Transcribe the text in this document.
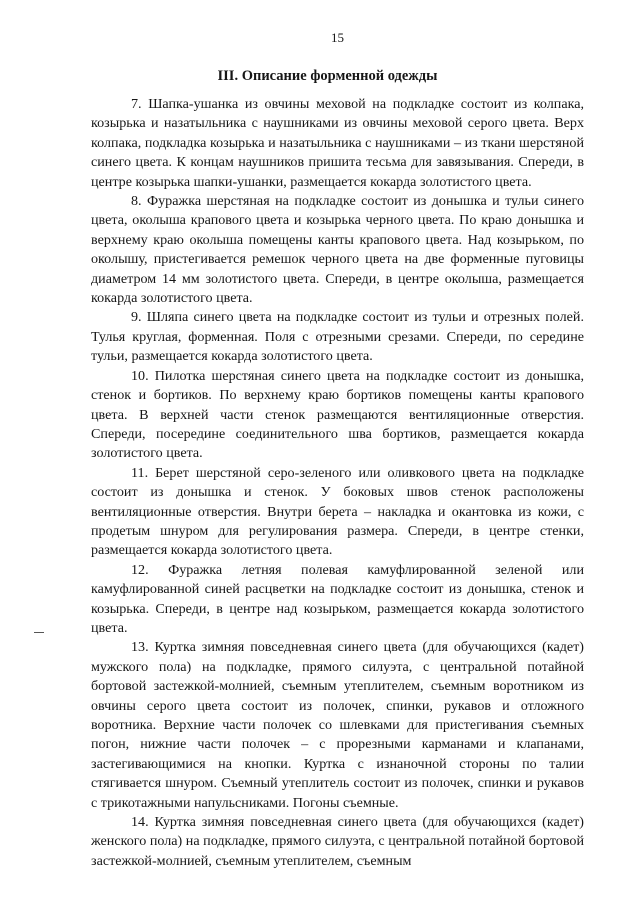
15
III. Описание форменной одежды

7. Шапка-ушанка из овчины меховой на подкладке состоит из колпака, козырька и назатыльника с наушниками из овчины меховой серого цвета. Верх колпака, подкладка козырька и назатыльника с наушниками – из ткани шерстяной синего цвета. К концам наушников пришита тесьма для завязывания. Спереди, в центре козырька шапки-ушанки, размещается кокарда золотистого цвета.

8. Фуражка шерстяная на подкладке состоит из донышка и тульи синего цвета, околыша крапового цвета и козырька черного цвета. По краю донышка и верхнему краю околыша помещены канты крапового цвета. Над козырьком, по околышу, пристегивается ремешок черного цвета на две форменные пуговицы диаметром 14 мм золотистого цвета. Спереди, в центре околыша, размещается кокарда золотистого цвета.

9. Шляпа синего цвета на подкладке состоит из тульи и отрезных полей. Тулья круглая, форменная. Поля с отрезными срезами. Спереди, по середине тульи, размещается кокарда золотистого цвета.

10. Пилотка шерстяная синего цвета на подкладке состоит из донышка, стенок и бортиков. По верхнему краю бортиков помещены канты крапового цвета. В верхней части стенок размещаются вентиляционные отверстия. Спереди, посередине соединительного шва бортиков, размещается кокарда золотистого цвета.

11. Берет шерстяной серо-зеленого или оливкового цвета на подкладке состоит из донышка и стенок. У боковых швов стенок расположены вентиляционные отверстия. Внутри берета – накладка и окантовка из кожи, с продетым шнуром для регулирования размера. Спереди, в центре стенки, размещается кокарда золотистого цвета.

12. Фуражка летняя полевая камуфлированной зеленой или камуфлированной синей расцветки на подкладке состоит из донышка, стенок и козырька. Спереди, в центре над козырьком, размещается кокарда золотистого цвета.

13. Куртка зимняя повседневная синего цвета (для обучающихся (кадет) мужского пола) на подкладке, прямого силуэта, с центральной потайной бортовой застежкой-молнией, съемным утеплителем, съемным воротником из овчины серого цвета состоит из полочек, спинки, рукавов и отложного воротника. Верхние части полочек со шлевками для пристегивания съемных погон, нижние части полочек – с прорезными карманами и клапанами, застегивающимися на кнопки. Куртка с изнаночной стороны по талии стягивается шнуром. Съемный утеплитель состоит из полочек, спинки и рукавов с трикотажными напульсниками. Погоны съемные.

14. Куртка зимняя повседневная синего цвета (для обучающихся (кадет) женского пола) на подкладке, прямого силуэта, с центральной потайной бортовой застежкой-молнией, съемным утеплителем, съемным
